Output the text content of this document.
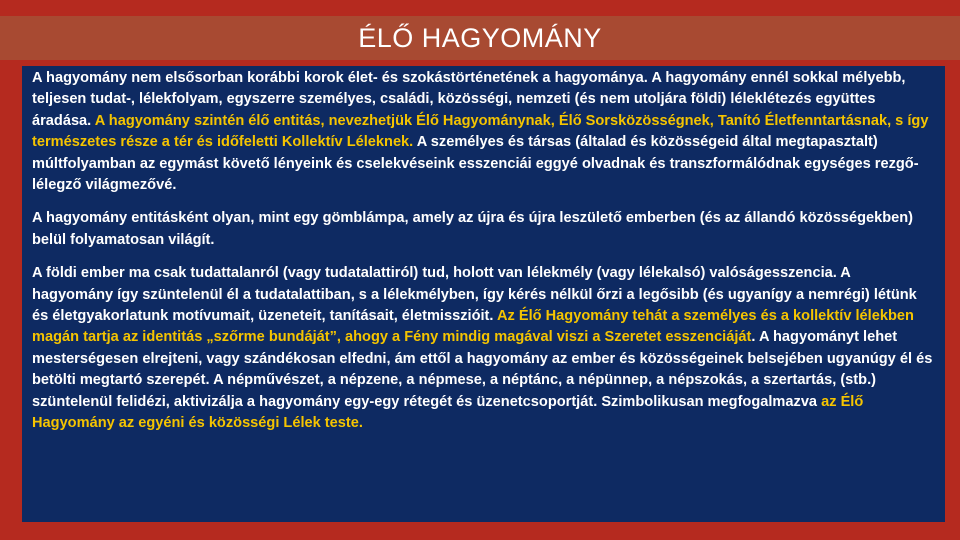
ÉLŐ HAGYOMÁNY

A hagyomány nem elsősorban korábbi korok élet- és szokástörténetének a hagyománya. A hagyomány ennél sokkal mélyebb, teljesen tudat-, lélekfolyam, egyszerre személyes, családi, közösségi, nemzeti (és nem utoljára földi) léleklétezés együttes áradása. A hagyomány szintén élő entitás, nevezhetjük Élő Hagyománynak, Élő Sorsközösségnek, Tanító Életfenntartásnak, s így természetes része a tér és időfeletti Kollektív Léleknek. A személyes és társas (általad és közösségeid által megtapasztalt) múltfolyamban az egymást követő lényeink és cselekvéseink esszenciái eggyé olvadnak és transzformálódnak egységes rezgő-lélegző világmezővé.

A hagyomány entitásként olyan, mint egy gömblámpa, amely az újra és újra leszülető emberben (és az állandó közösségekben) belül folyamatosan világít.

A földi ember ma csak tudattalanról (vagy tudatalattiról) tud, holott van lélekmély (vagy lélekalsó) valóságesszencia. A hagyomány így szüntelenül él a tudatalattiban, s a lélekmélyben, így kérés nélkül őrzi a legősibb (és ugyanígy a nemrégi) létünk és életgyakorlatunk motívumait, üzeneteit, tanításait, életmisszióit. Az Élő Hagyomány tehát a személyes és a kollektív lélekben magán tartja az identitás „szőrme bundáját”, ahogy a Fény mindig magával viszi a Szeretet esszenciáját. A hagyományt lehet mesterségesen elrejteni, vagy szándékosan elfedni, ám ettől a hagyomány az ember és közösségeinek belsejében ugyanúgy él és betölti megtartó szerepét. A népművészet, a népzene, a népmese, a néptánc, a népünnep, a népszokás, a szertartás, (stb.) szüntelenül felidézi, aktivizálja a hagyomány egy-egy rétegét és üzenetcsoportját. Szimbolikusan megfogalmazva az Élő Hagyomány az egyéni és közösségi Lélek teste.
